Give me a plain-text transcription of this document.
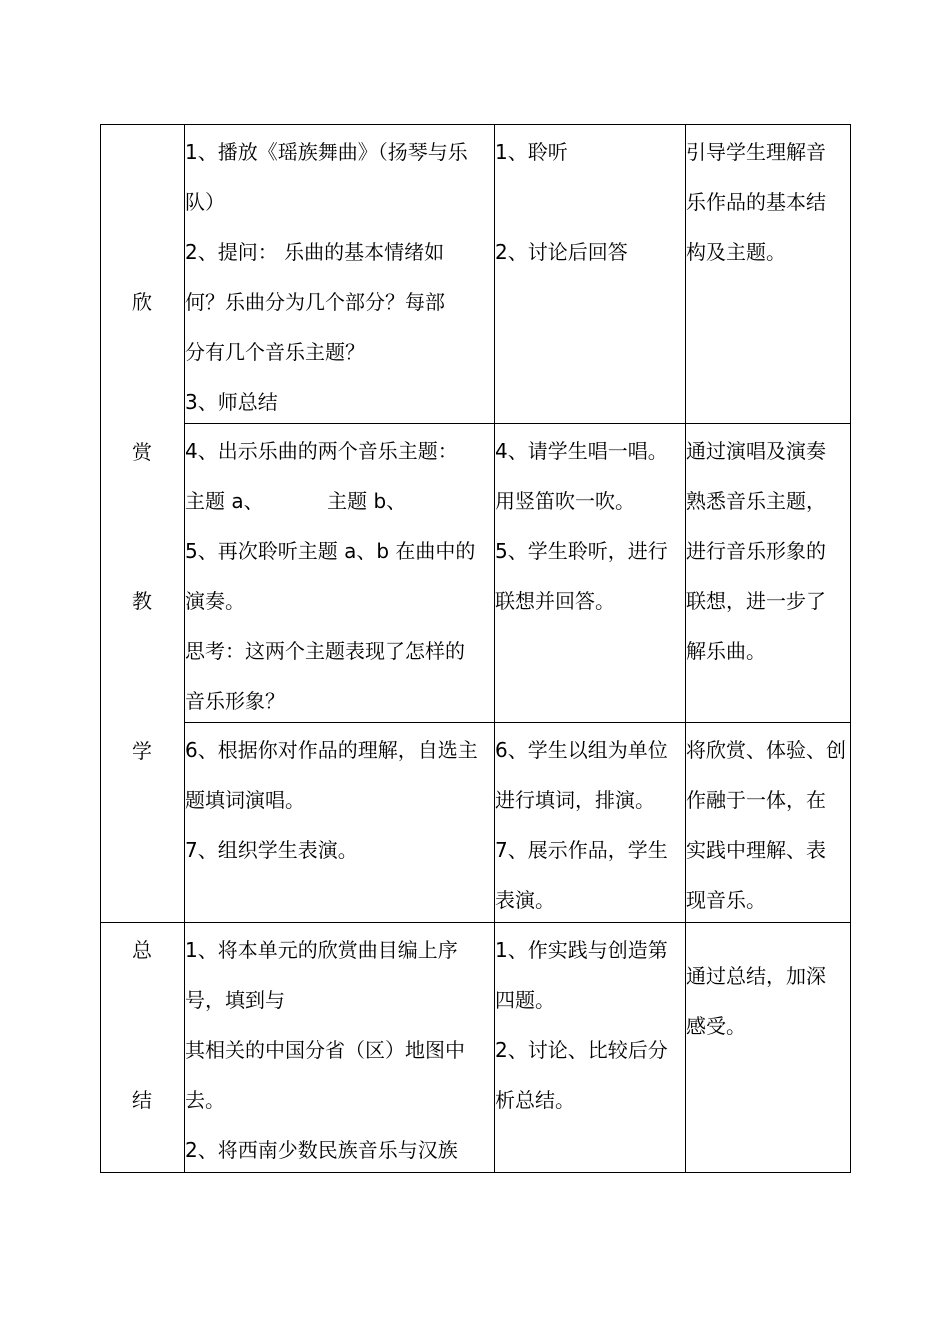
欣
赏
教
学
总
结
1、播放《瑶族舞曲》（扬琴与乐
队）
2、提问： 乐曲的基本情绪如
何？乐曲分为几个部分？每部
分有几个音乐主题？
3、师总结
1、聆听
2、讨论后回答
引导学生理解音
乐作品的基本结
构及主题。
4、出示乐曲的两个音乐主题：
主题 a、          主题 b、
5、再次聆听主题 a、b 在曲中的
演奏。
思考：这两个主题表现了怎样的
音乐形象？
4、请学生唱一唱。
用竖笛吹一吹。
5、学生聆听，进行
联想并回答。
通过演唱及演奏
熟悉音乐主题，
进行音乐形象的
联想，进一步了
解乐曲。
6、根据你对作品的理解，自选主
题填词演唱。
7、组织学生表演。
6、学生以组为单位
进行填词，排演。
7、展示作品，学生
表演。
将欣赏、体验、创
作融于一体，在
实践中理解、表
现音乐。
1、将本单元的欣赏曲目编上序
号，填到与
其相关的中国分省（区）地图中
去。
2、将西南少数民族音乐与汉族
1、作实践与创造第
四题。
2、讨论、比较后分
析总结。
通过总结，加深
感受。
